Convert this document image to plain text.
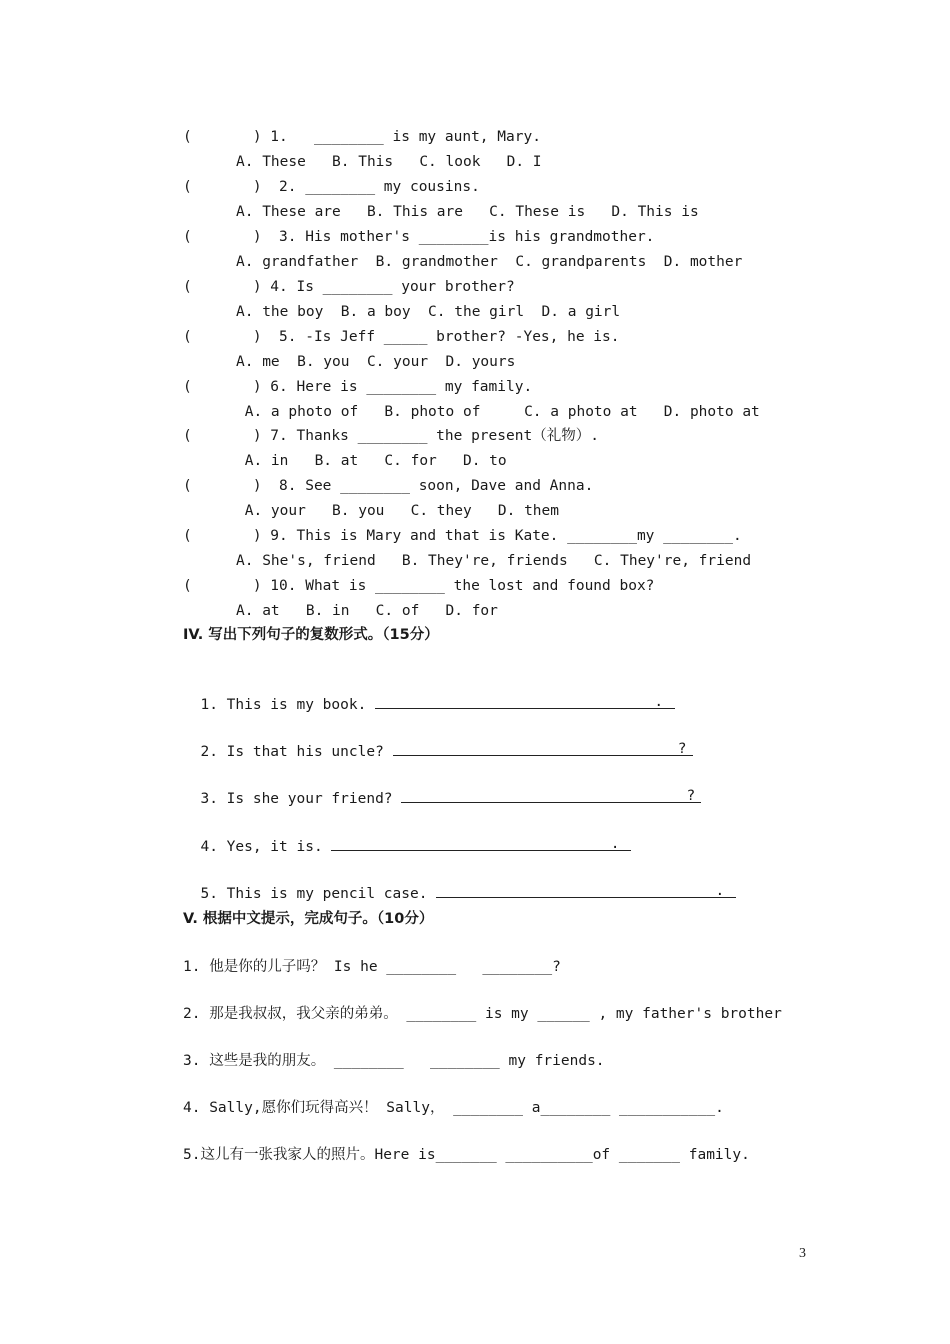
(       ) 1.   ________ is my aunt, Mary.
A. These   B. This   C. look   D. I
(       )  2. ________ my cousins.
A. These are   B. This are   C. These is   D. This is
(       )  3. His mother's ________is his grandmother.
A. grandfather  B. grandmother  C. grandparents  D. mother
(       ) 4. Is ________ your brother?
A. the boy  B. a boy  C. the girl  D. a girl
(       )  5. -Is Jeff _____ brother? -Yes, he is.
A. me  B. you  C. your  D. yours
(       ) 6. Here is ________ my family.
A. a photo of   B. photo of     C. a photo at   D. photo at
(       ) 7. Thanks ________ the present（礼物）.
A. in   B. at   C. for   D. to
(       )  8. See ________ soon, Dave and Anna.
A. your   B. you   C. they   D. them
(       ) 9. This is Mary and that is Kate. ________my ________.
A. She's, friend   B. They're, friends   C. They're, friend
(       ) 10. What is ________ the lost and found box?
A. at   B. in   C. of   D. for
IV. 写出下列句子的复数形式。（15分）

1. This is my book.	.

2. Is that his uncle?	?

3. Is she your friend?	?

4. Yes, it is.	.

5. This is my pencil case.	.

V. 根据中文提示，完成句子。（10分）
1. 他是你的儿子吗？ Is he ________   ________?
2. 那是我叔叔，我父亲的弟弟。 ________ is my ______ , my father's brother
3. 这些是我的朋友。 ________   ________ my friends.
4. Sally,愿你们玩得高兴！ Sally， ________ a________ ___________.
5.这儿有一张我家人的照片。Here is_______ __________of _______ family.
3
